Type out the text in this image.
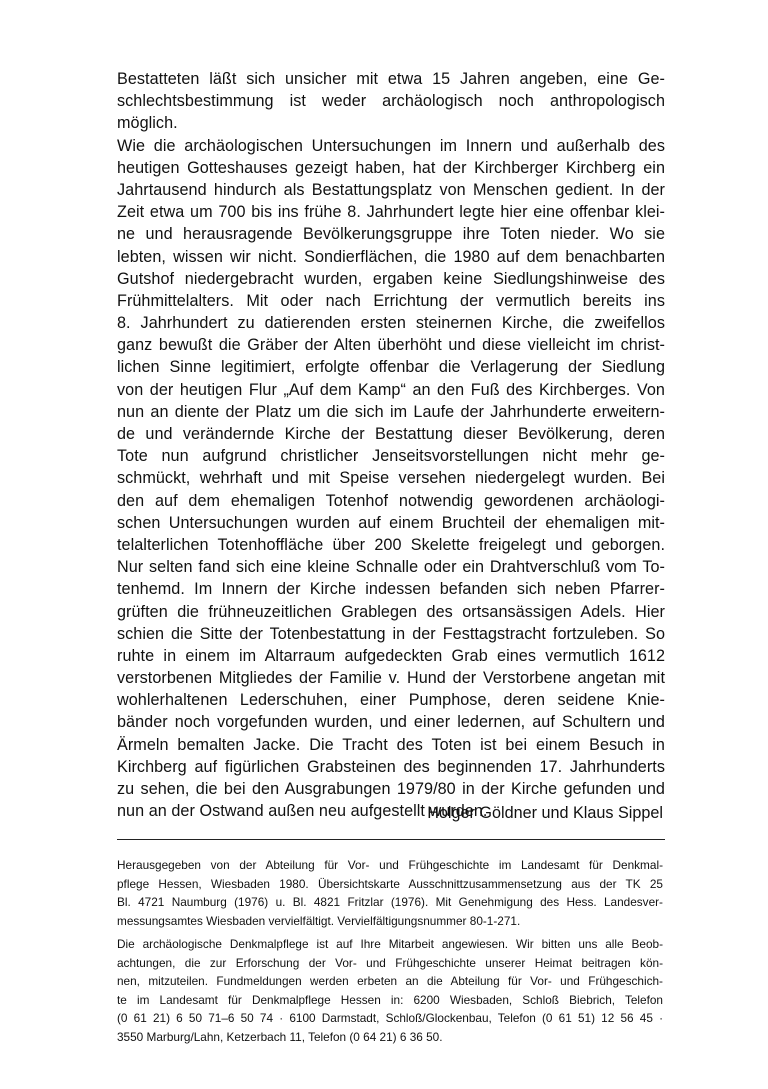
Bestatteten läßt sich unsicher mit etwa 15 Jahren angeben, eine Ge-
schlechtsbestimmung ist weder archäologisch noch anthropologisch
möglich.
Wie die archäologischen Untersuchungen im Innern und außerhalb des
heutigen Gotteshauses gezeigt haben, hat der Kirchberger Kirchberg ein
Jahrtausend hindurch als Bestattungsplatz von Menschen gedient. In der
Zeit etwa um 700 bis ins frühe 8. Jahrhundert legte hier eine offenbar klei-
ne und herausragende Bevölkerungsgruppe ihre Toten nieder. Wo sie
lebten, wissen wir nicht. Sondierflächen, die 1980 auf dem benachbarten
Gutshof niedergebracht wurden, ergaben keine Siedlungshinweise des
Frühmittelalters. Mit oder nach Errichtung der vermutlich bereits ins
8. Jahrhundert zu datierenden ersten steinernen Kirche, die zweifellos
ganz bewußt die Gräber der Alten überhöht und diese vielleicht im christ-
lichen Sinne legitimiert, erfolgte offenbar die Verlagerung der Siedlung
von der heutigen Flur „Auf dem Kamp“ an den Fuß des Kirchberges. Von
nun an diente der Platz um die sich im Laufe der Jahrhunderte erweitern-
de und verändernde Kirche der Bestattung dieser Bevölkerung, deren
Tote nun aufgrund christlicher Jenseitsvorstellungen nicht mehr ge-
schmückt, wehrhaft und mit Speise versehen niedergelegt wurden. Bei
den auf dem ehemaligen Totenhof notwendig gewordenen archäologi-
schen Untersuchungen wurden auf einem Bruchteil der ehemaligen mit-
telalterlichen Totenhoffläche über 200 Skelette freigelegt und geborgen.
Nur selten fand sich eine kleine Schnalle oder ein Drahtverschluß vom To-
tenhemd. Im Innern der Kirche indessen befanden sich neben Pfarrer-
grüften die frühneuzeitlichen Grablegen des ortsansässigen Adels. Hier
schien die Sitte der Totenbestattung in der Festtagstracht fortzuleben. So
ruhte in einem im Altarraum aufgedeckten Grab eines vermutlich 1612
verstorbenen Mitgliedes der Familie v. Hund der Verstorbene angetan mit
wohlerhaltenen Lederschuhen, einer Pumphose, deren seidene Knie-
bänder noch vorgefunden wurden, und einer ledernen, auf Schultern und
Ärmeln bemalten Jacke. Die Tracht des Toten ist bei einem Besuch in
Kirchberg auf figürlichen Grabsteinen des beginnenden 17. Jahrhunderts
zu sehen, die bei den Ausgrabungen 1979/80 in der Kirche gefunden und
nun an der Ostwand außen neu aufgestellt wurden.
Holger Göldner und Klaus Sippel
Herausgegeben von der Abteilung für Vor- und Frühgeschichte im Landesamt für Denkmal-
pflege Hessen, Wiesbaden 1980. Übersichtskarte Ausschnittzusammensetzung aus der TK 25
Bl. 4721 Naumburg (1976) u. Bl. 4821 Fritzlar (1976). Mit Genehmigung des Hess. Landesver-
messungsamtes Wiesbaden vervielfältigt. Vervielfältigungsnummer 80-1-271.
Die archäologische Denkmalpflege ist auf Ihre Mitarbeit angewiesen. Wir bitten uns alle Beob-
achtungen, die zur Erforschung der Vor- und Frühgeschichte unserer Heimat beitragen kön-
nen, mitzuteilen. Fundmeldungen werden erbeten an die Abteilung für Vor- und Frühgeschich-
te im Landesamt für Denkmalpflege Hessen in: 6200 Wiesbaden, Schloß Biebrich, Telefon
(0 61 21) 6 50 71–6 50 74 · 6100 Darmstadt, Schloß/Glockenbau, Telefon (0 61 51) 12 56 45 ·
3550 Marburg/Lahn, Ketzerbach 11, Telefon (0 64 21) 6 36 50.
